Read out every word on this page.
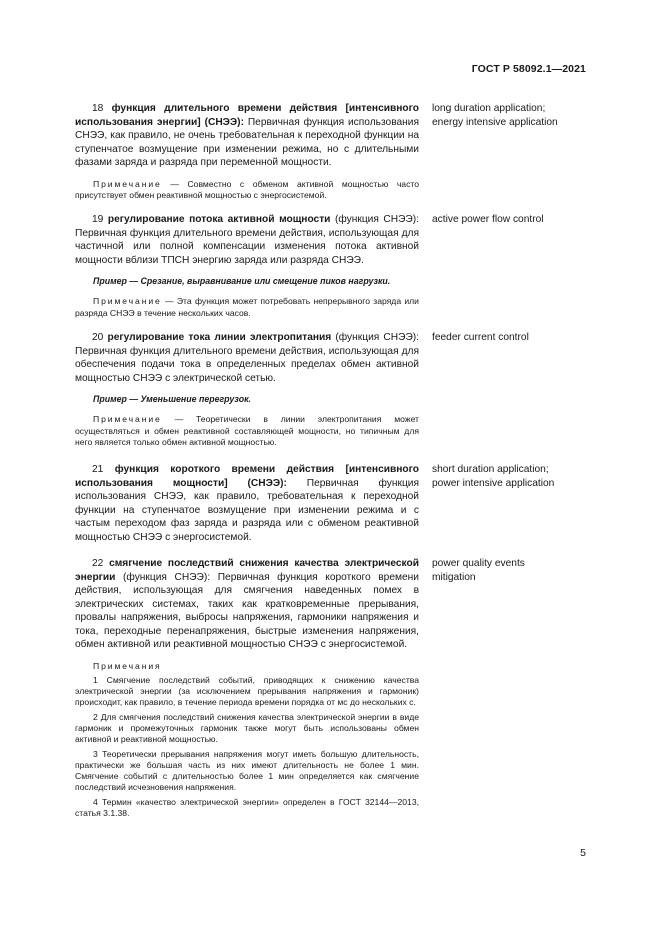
ГОСТ Р 58092.1—2021
18 функция длительного времени действия [интенсивного использования энергии] (СНЭЭ): Первичная функция использования СНЭЭ, как правило, не очень требовательная к переходной функции на ступенчатое возмущение при изменении режима, но с длительными фазами заряда и разряда при переменной мощности.
Примечание — Совместно с обменом активной мощностью часто присутствует обмен реактивной мощностью с энергосистемой.
long duration application;
energy intensive application
19 регулирование потока активной мощности (функция СНЭЭ): Первичная функция длительного времени действия, использующая для частичной или полной компенсации изменения потока активной мощности вблизи ТПСН энергию заряда или разряда СНЭЭ.
Пример — Срезание, выравнивание или смещение пиков нагрузки.
Примечание — Эта функция может потребовать непрерывного заряда или разряда СНЭЭ в течение нескольких часов.
active power flow control
20 регулирование тока линии электропитания (функция СНЭЭ): Первичная функция длительного времени действия, использующая для обеспечения подачи тока в определенных пределах обмен активной мощностью СНЭЭ с электрической сетью.
Пример — Уменьшение перегрузок.
Примечание — Теоретически в линии электропитания может осуществляться и обмен реактивной составляющей мощности, но типичным для него является только обмен активной мощностью.
feeder current control
21 функция короткого времени действия [интенсивного использования мощности] (СНЭЭ): Первичная функция использования СНЭЭ, как правило, требовательная к переходной функции на ступенчатое возмущение при изменении режима и с частым переходом фаз заряда и разряда или с обменом реактивной мощностью СНЭЭ с энергосистемой.
short duration application;
power intensive application
22 смягчение последствий снижения качества электрической энергии (функция СНЭЭ): Первичная функция короткого времени действия, использующая для смягчения наведенных помех в электрических системах, таких как кратковременные прерывания, провалы напряжения, выбросы напряжения, гармоники напряжения и тока, переходные перенапряжения, быстрые изменения напряжения, обмен активной или реактивной мощностью СНЭЭ с энергосистемой.
Примечания
1 Смягчение последствий событий, приводящих к снижению качества электрической энергии (за исключением прерывания напряжения и гармоник) происходит, как правило, в течение периода времени порядка от мс до нескольких с.
2 Для смягчения последствий снижения качества электрической энергии в виде гармоник и промежуточных гармоник также могут быть использованы обмен активной и реактивной мощностью.
3 Теоретически прерывания напряжения могут иметь большую длительность, практически же большая часть из них имеют длительность не более 1 мин. Смягчение событий с длительностью более 1 мин определяется как смягчение последствий исчезновения напряжения.
4 Термин «качество электрической энергии» определен в ГОСТ 32144—2013, статья 3.1.38.
power quality events
mitigation
5
